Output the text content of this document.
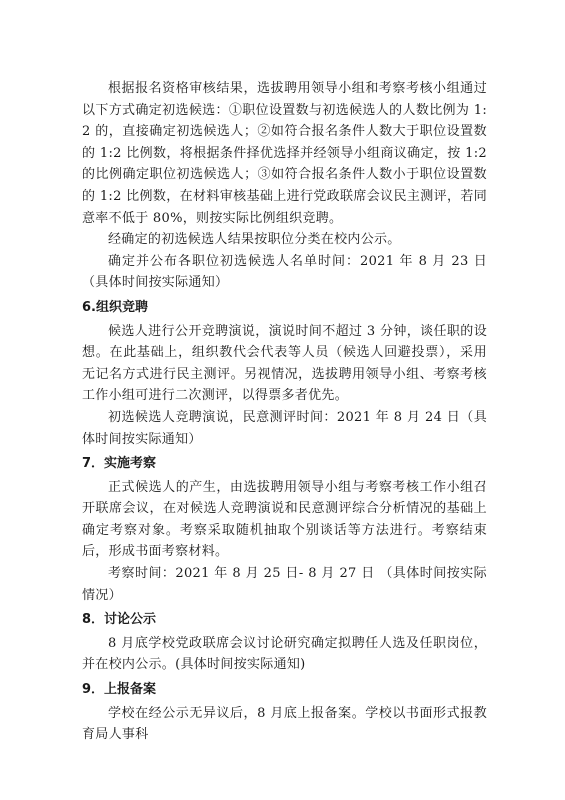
根据报名资格审核结果，选拔聘用领导小组和考察考核小组通过以下方式确定初选候选：①职位设置数与初选候选人的人数比例为 1:2 的，直接确定初选候选人；②如符合报名条件人数大于职位设置数的 1:2 比例数，将根据条件择优选择并经领导小组商议确定，按 1:2 的比例确定职位初选候选人；③如符合报名条件人数小于职位设置数的 1:2 比例数，在材料审核基础上进行党政联席会议民主测评，若同意率不低于 80%，则按实际比例组织竞聘。

经确定的初选候选人结果按职位分类在校内公示。

确定并公布各职位初选候选人名单时间：2021 年 8 月 23 日（具体时间按实际通知）

6.组织竞聘

候选人进行公开竞聘演说，演说时间不超过 3 分钟，谈任职的设想。在此基础上，组织教代会代表等人员（候选人回避投票），采用无记名方式进行民主测评。另视情况，选拔聘用领导小组、考察考核工作小组可进行二次测评，以得票多者优先。

初选候选人竞聘演说，民意测评时间：2021 年 8 月 24 日（具体时间按实际通知）

7．实施考察

正式候选人的产生，由选拔聘用领导小组与考察考核工作小组召开联席会议，在对候选人竞聘演说和民意测评综合分析情况的基础上确定考察对象。考察采取随机抽取个别谈话等方法进行。考察结束后，形成书面考察材料。

考察时间：2021 年 8 月 25 日- 8 月 27 日 （具体时间按实际情况）

8．讨论公示

8 月底学校党政联席会议讨论研究确定拟聘任人选及任职岗位，并在校内公示。(具体时间按实际通知)

9．上报备案

学校在经公示无异议后，8 月底上报备案。学校以书面形式报教育局人事科
